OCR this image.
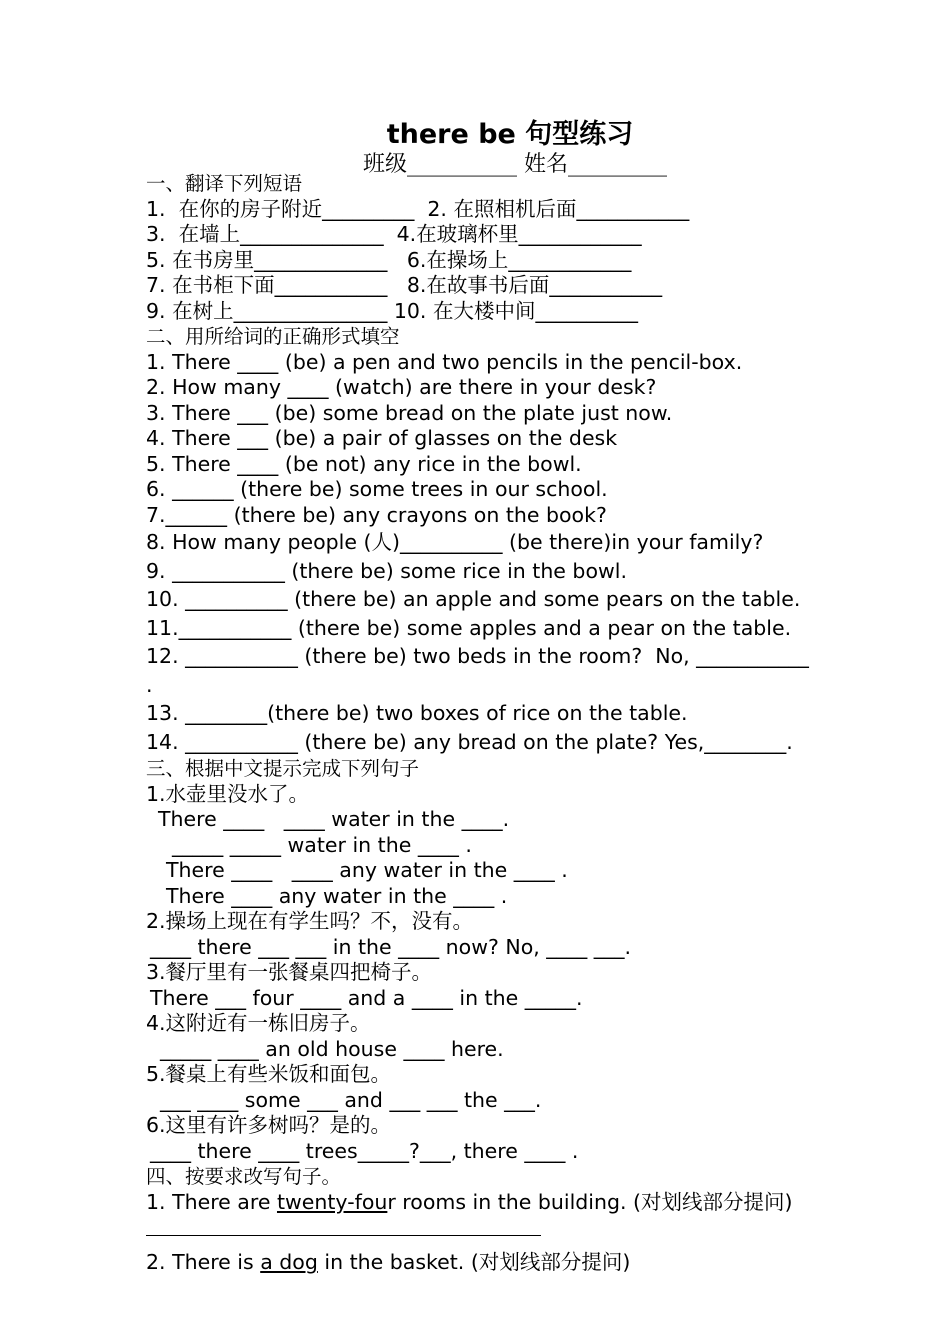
there be 句型练习
班级__________ 姓名_________
一、翻译下列短语
1.  在你的房子附近_________  2. 在照相机后面___________
3.  在墙上______________  4.在玻璃杯里____________
5. 在书房里_____________   6.在操场上____________
7. 在书柜下面___________   8.在故事书后面___________
9. 在树上_______________ 10. 在大楼中间__________
二、用所给词的正确形式填空
1. There ____ (be) a pen and two pencils in the pencil-box.
2. How many ____ (watch) are there in your desk?
3. There ___ (be) some bread on the plate just now.
4. There ___ (be) a pair of glasses on the desk
5. There ____ (be not) any rice in the bowl.
6. ______ (there be) some trees in our school.
7.______ (there be) any crayons on the book?
8. How many people (人)__________ (be there)in your family?
9. ___________ (there be) some rice in the bowl.
10. __________ (there be) an apple and some pears on the table.
11.___________ (there be) some apples and a pear on the table.
12. ___________ (there be) two beds in the room?  No, ___________
.
13. ________(there be) two boxes of rice on the table.
14. ___________ (there be) any bread on the plate? Yes,________.
三、根据中文提示完成下列句子
1.水壶里没水了。
There ____   ____ water in the ____.
_____ _____ water in the ____ .
There ____   ____ any water in the ____ .
There ____ any water in the ____ .
2.操场上现在有学生吗？不，没有。
____ there ___ ___ in the ____ now? No, ____ ___.
3.餐厅里有一张餐桌四把椅子。
There ___ four ____ and a ____ in the _____.
4.这附近有一栋旧房子。
_____ ____ an old house ____ here.
5.餐桌上有些米饭和面包。
___ ____ some ___ and ___ ___ the ___.
6.这里有许多树吗？是的。
____ there ____ trees_____?___, there ____ .
四、按要求改写句子。
1. There are twenty-four rooms in the building. (对划线部分提问)
2. There is a dog in the basket. (对划线部分提问)
